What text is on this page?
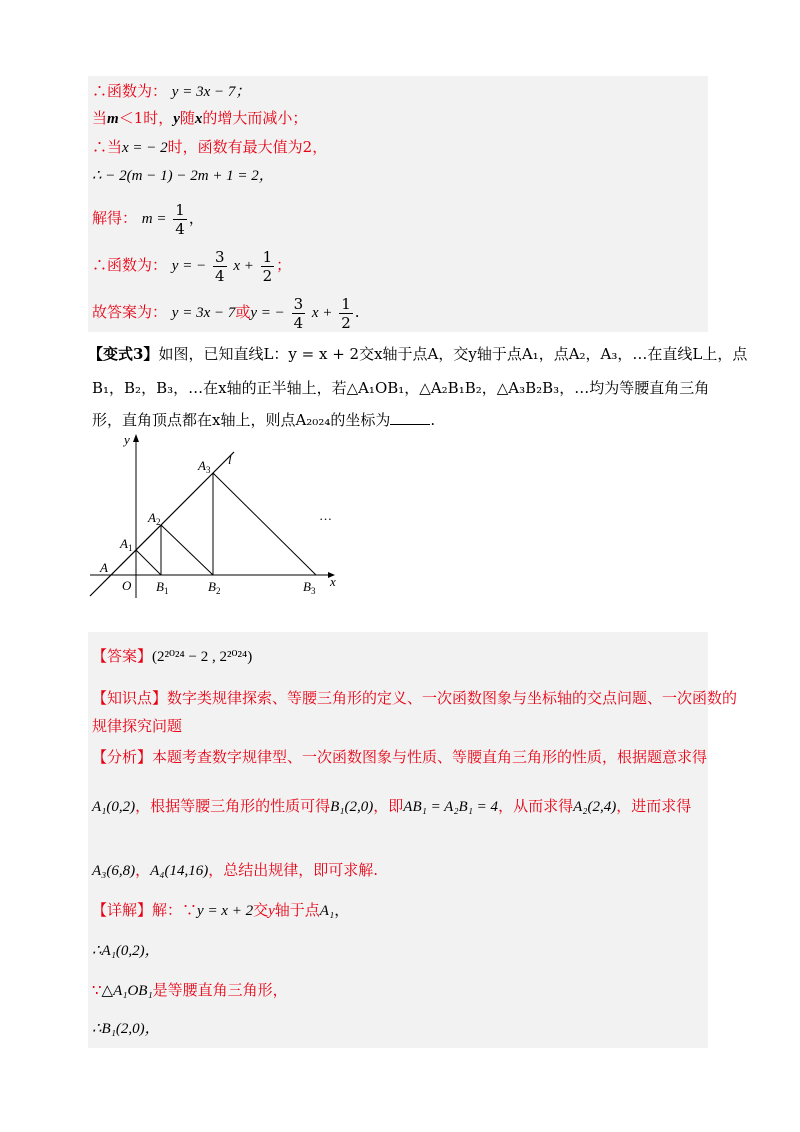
∴函数为： y = 3x − 7；
当m＜1时，y随x的增大而减小；
∴当x = − 2时，函数有最大值为2，
∴ − 2(m − 1) − 2m + 1 = 2，
解得： $m = \frac{1}{4}$ ，
∴函数为： y = − $\frac{3}{4}$ $x + \frac{1}{2}$ ；
故答案为： y = 3x − 7或y = − $\frac{3}{4}$ $x + \frac{1}{2}$ .
【变式3】如图，已知直线L：y = x + 2交x轴于点A，交y轴于点A₁，点A₂，A₃，…在直线L上，点
B₁，B₂，B₃，…在x轴的正半轴上，若△A₁OB₁，△A₂B₁B₂，△A₃B₂B₃，…均为等腰直角三角
形，直角顶点都在x轴上，则点A₂₀₂₄的坐标为	.
y
x
l
O
A
…
$A_1$
$A_2$
$A_3$
$B_1$	$B_2$	$B_3$
【答案】(2²⁰²⁴ − 2 , 2²⁰²⁴)
【知识点】数字类规律探索、等腰三角形的定义、一次函数图象与坐标轴的交点问题、一次函数的
规律探究问题
【分析】本题考查数字规律型、一次函数图象与性质、等腰直角三角形的性质，根据题意求得
A₁(0,2)，根据等腰三角形的性质可得B₁(2,0)，即AB₁ = A₂B₁ = 4，从而求得A₂(2,4)，进而求得
A₃(6,8)，A₄(14,16)，总结出规律，即可求解.
【详解】解：∵y = x + 2交y轴于点A₁，
∴A₁(0,2)，
∵△A₁OB₁是等腰直角三角形，
∴B₁(2,0)，
